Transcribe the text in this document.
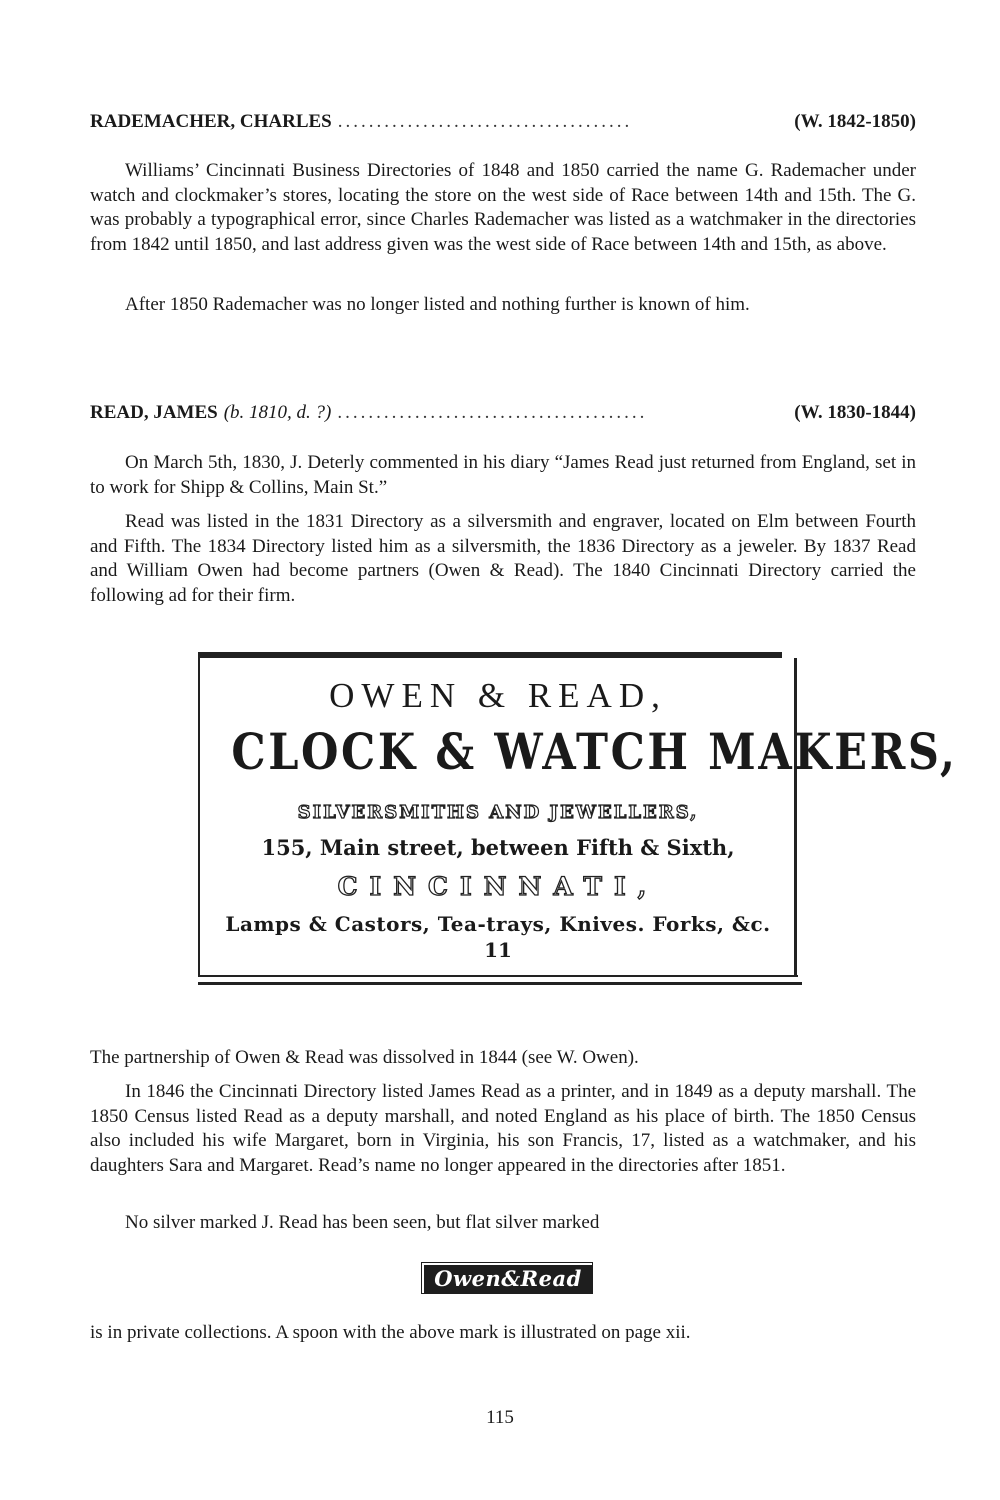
RADEMACHER, CHARLES ......................................	(W. 1842-1850)

Williams’ Cincinnati Business Directories of 1848 and 1850 carried the name G. Rademacher under watch and clockmaker’s stores, locating the store on the west side of Race between 14th and 15th. The G. was probably a typographical error, since Charles Rademacher was listed as a watchmaker in the directories from 1842 until 1850, and last address given was the west side of Race between 14th and 15th, as above.

After 1850 Rademacher was no longer listed and nothing further is known of him.

READ, JAMES (b. 1810, d. ?) ........................................	(W. 1830-1844)

On March 5th, 1830, J. Deterly commented in his diary “James Read just returned from England, set in to work for Shipp & Collins, Main St.”

Read was listed in the 1831 Directory as a silversmith and engraver, located on Elm between Fourth and Fifth. The 1834 Directory listed him as a silversmith, the 1836 Directory as a jeweler. By 1837 Read and William Owen had become partners (Owen & Read). The 1840 Cincinnati Directory carried the following ad for their firm.

OWEN & READ,
CLOCK & WATCH MAKERS,
SILVERSMITHS AND JEWELLERS,
155, Main street, between Fifth & Sixth,
CINCINNATI,
Lamps & Castors, Tea-trays, Knives. Forks, &c.
11

The partnership of Owen & Read was dissolved in 1844 (see W. Owen).

In 1846 the Cincinnati Directory listed James Read as a printer, and in 1849 as a deputy marshall. The 1850 Census listed Read as a deputy marshall, and noted England as his place of birth. The 1850 Census also included his wife Margaret, born in Virginia, his son Francis, 17, listed as a watchmaker, and his daughters Sara and Margaret. Read’s name no longer appeared in the directories after 1851.

No silver marked J. Read has been seen, but flat silver marked

Owen&Read

is in private collections. A spoon with the above mark is illustrated on page xii.

115
